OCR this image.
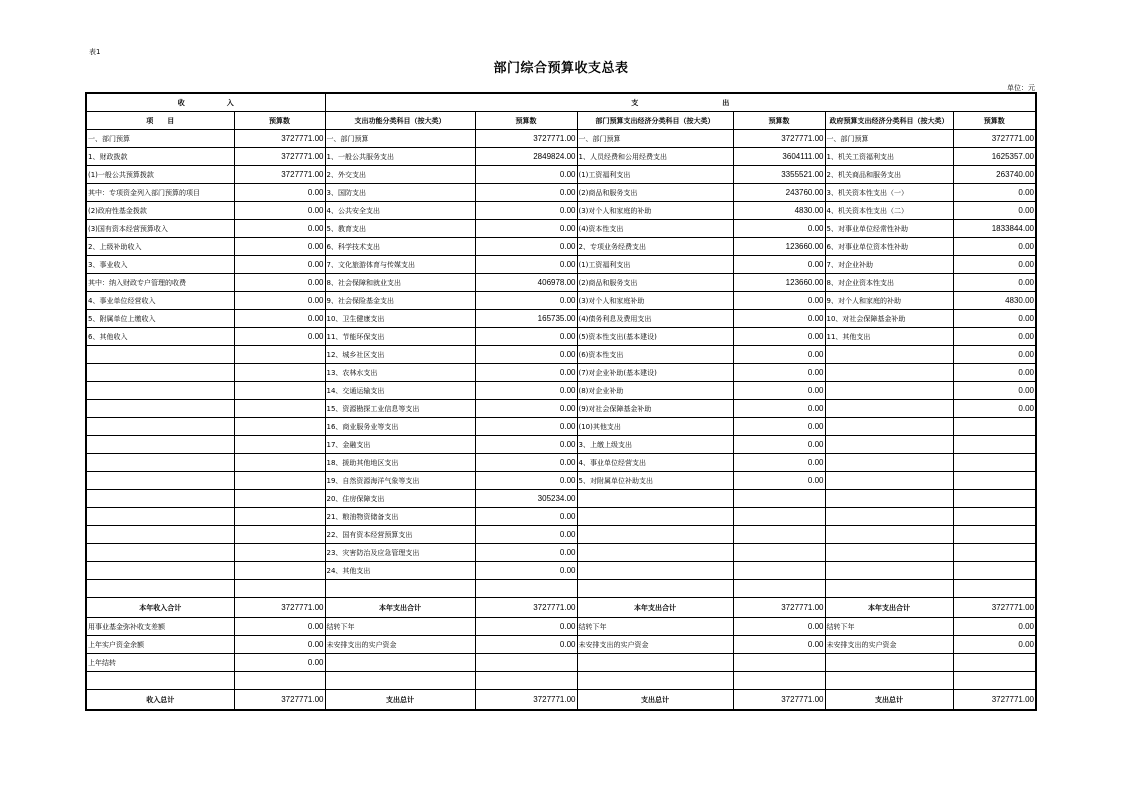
表1
部门综合预算收支总表
单位：元
收　　　　　　入		支　　　　　　　　　　　　出					
项　　目	预算数	支出功能分类科目（按大类）	预算数	部门预算支出经济分类科目（按大类）	预算数	政府预算支出经济分类科目（按大类）	预算数
一、部门预算	3727771.00	一、部门预算	3727771.00	一、部门预算	3727771.00	一、部门预算	3727771.00
1、财政拨款	3727771.00	1、一般公共服务支出	2849824.00	1、人员经费和公用经费支出	3604111.00	1、机关工资福利支出	1625357.00
(1)一般公共预算拨款	3727771.00	2、外交支出	0.00	(1)工资福利支出	3355521.00	2、机关商品和服务支出	263740.00
其中：专项资金列入部门预算的项目	0.00	3、国防支出	0.00	(2)商品和服务支出	243760.00	3、机关资本性支出（一）	0.00
(2)政府性基金拨款	0.00	4、公共安全支出	0.00	(3)对个人和家庭的补助	4830.00	4、机关资本性支出（二）	0.00
(3)国有资本经营预算收入	0.00	5、教育支出	0.00	(4)资本性支出	0.00	5、对事业单位经常性补助	1833844.00
2、上级补助收入	0.00	6、科学技术支出	0.00	2、专项业务经费支出	123660.00	6、对事业单位资本性补助	0.00
3、事业收入	0.00	7、文化旅游体育与传媒支出	0.00	(1)工资福利支出	0.00	7、对企业补助	0.00
其中：纳入财政专户管理的收费	0.00	8、社会保障和就业支出	406978.00	(2)商品和服务支出	123660.00	8、对企业资本性支出	0.00
4、事业单位经营收入	0.00	9、社会保险基金支出	0.00	(3)对个人和家庭补助	0.00	9、对个人和家庭的补助	4830.00
5、附属单位上缴收入	0.00	10、卫生健康支出	165735.00	(4)债务利息及费用支出	0.00	10、对社会保障基金补助	0.00
6、其他收入	0.00	11、节能环保支出	0.00	(5)资本性支出(基本建设)	0.00	11、其他支出	0.00
		12、城乡社区支出	0.00	(6)资本性支出	0.00		0.00
		13、农林水支出	0.00	(7)对企业补助(基本建设)	0.00		0.00
		14、交通运输支出	0.00	(8)对企业补助	0.00		0.00
		15、资源勘探工业信息等支出	0.00	(9)对社会保障基金补助	0.00		0.00
		16、商业服务业等支出	0.00	(10)其他支出	0.00		
		17、金融支出	0.00	3、上缴上级支出	0.00		
		18、援助其他地区支出	0.00	4、事业单位经营支出	0.00		
		19、自然资源海洋气象等支出	0.00	5、对附属单位补助支出	0.00		
		20、住房保障支出	305234.00				
		21、粮油物资储备支出	0.00				
		22、国有资本经营预算支出	0.00				
		23、灾害防治及应急管理支出	0.00				
		24、其他支出	0.00				

本年收入合计	3727771.00	本年支出合计	3727771.00	本年支出合计	3727771.00	本年支出合计	3727771.00
用事业基金弥补收支差额	0.00	结转下年	0.00	结转下年	0.00	结转下年	0.00
上年实户资金余额	0.00	未安排支出的实户资金	0.00	未安排支出的实户资金	0.00	未安排支出的实户资金	0.00
上年结转	0.00						

收入总计	3727771.00	支出总计	3727771.00	支出总计	3727771.00	支出总计	3727771.00
